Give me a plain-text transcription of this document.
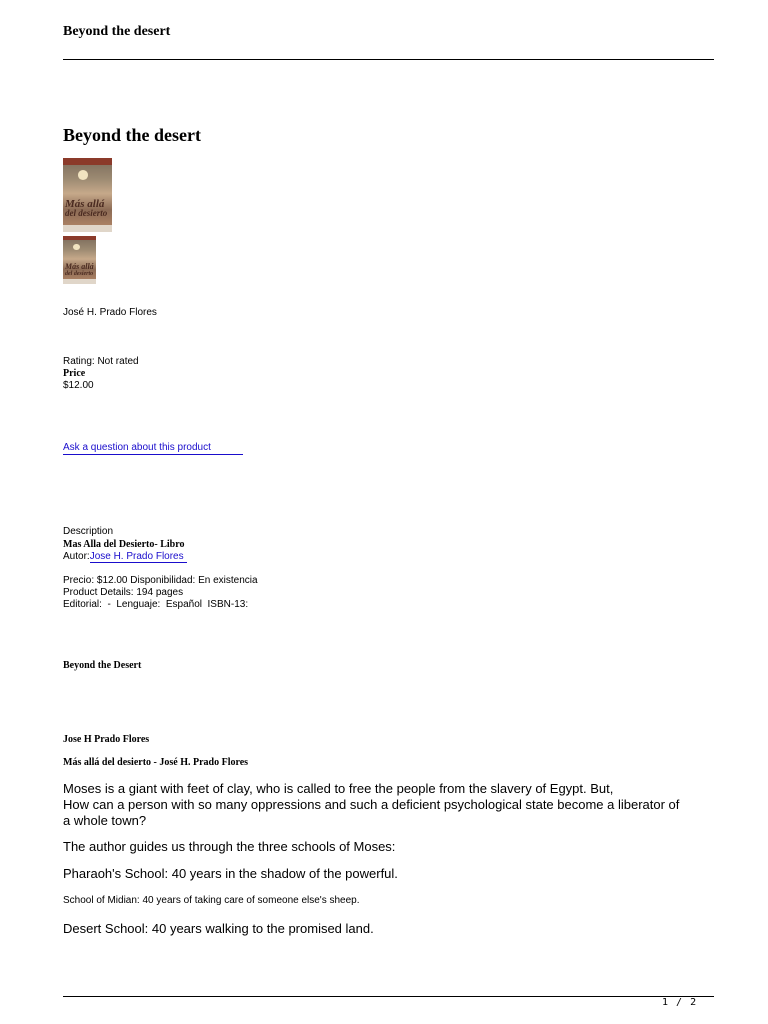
Beyond the desert
Beyond the desert
Más allá
del desierto
Más allá
del desierto
José H. Prado Flores
Rating: Not rated
Price
$12.00
Ask a question about this product
Description
Mas Alla del Desierto- Libro
Autor:Jose H. Prado Flores
Precio: $12.00 Disponibilidad: En existencia
Product Details: 194 pages
Editorial:  -  Lenguaje:  Español  ISBN-13:
Beyond the Desert
Jose H Prado Flores
Más allá del desierto - José H. Prado Flores
Moses is a giant with feet of clay, who is called to free the people from the slavery of Egypt. But,
How can a person with so many oppressions and such a deficient psychological state become a liberator of
a whole town?
The author guides us through the three schools of Moses:
Pharaoh's School: 40 years in the shadow of the powerful.
School of Midian: 40 years of taking care of someone else's sheep.
Desert School: 40 years walking to the promised land.
1 / 2
